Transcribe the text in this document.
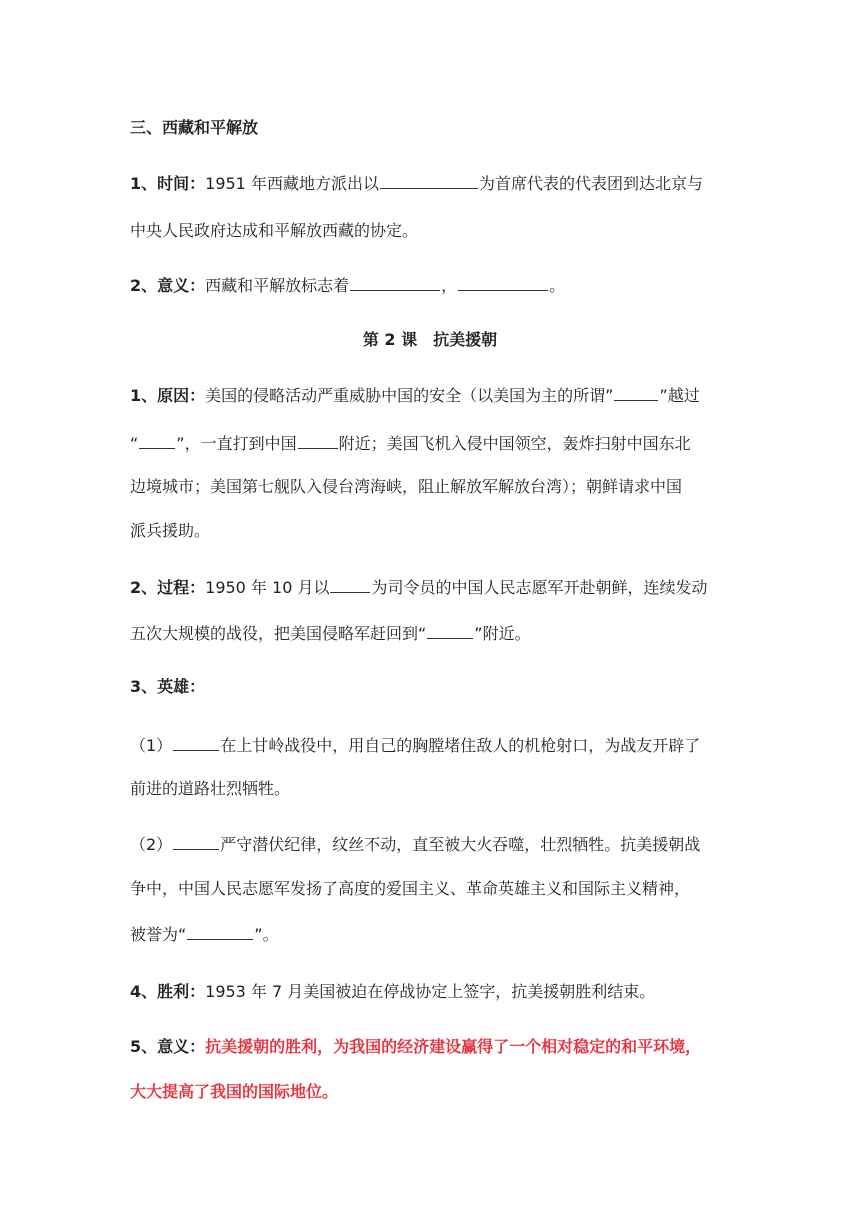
三、西藏和平解放
1、时间：1951 年西藏地方派出以	为首席代表的代表团到达北京与
中央人民政府达成和平解放西藏的协定。
2、意义：西藏和平解放标志着	，	。
第 2 课　抗美援朝
1、原因：美国的侵略活动严重威胁中国的安全（以美国为主的所谓”	”越过
“ ”，一直打到中国	附近；美国飞机入侵中国领空，轰炸扫射中国东北
边境城市；美国第七舰队入侵台湾海峡，阻止解放军解放台湾）；朝鲜请求中国
派兵援助。
2、过程：1950 年 10 月以	为司令员的中国人民志愿军开赴朝鲜，连续发动
五次大规模的战役，把美国侵略军赶回到“	”附近。
3、英雄：
（1）	在上甘岭战役中，用自己的胸膛堵住敌人的机枪射口，为战友开辟了
前进的道路壮烈牺牲。
（2）	严守潜伏纪律，纹丝不动，直至被大火吞噬，壮烈牺牲。抗美援朝战
争中，中国人民志愿军发扬了高度的爱国主义、革命英雄主义和国际主义精神，
被誉为“	”。
4、胜利：1953 年 7 月美国被迫在停战协定上签字，抗美援朝胜利结束。
5、意义：抗美援朝的胜利，为我国的经济建设赢得了一个相对稳定的和平环境，
大大提高了我国的国际地位。
